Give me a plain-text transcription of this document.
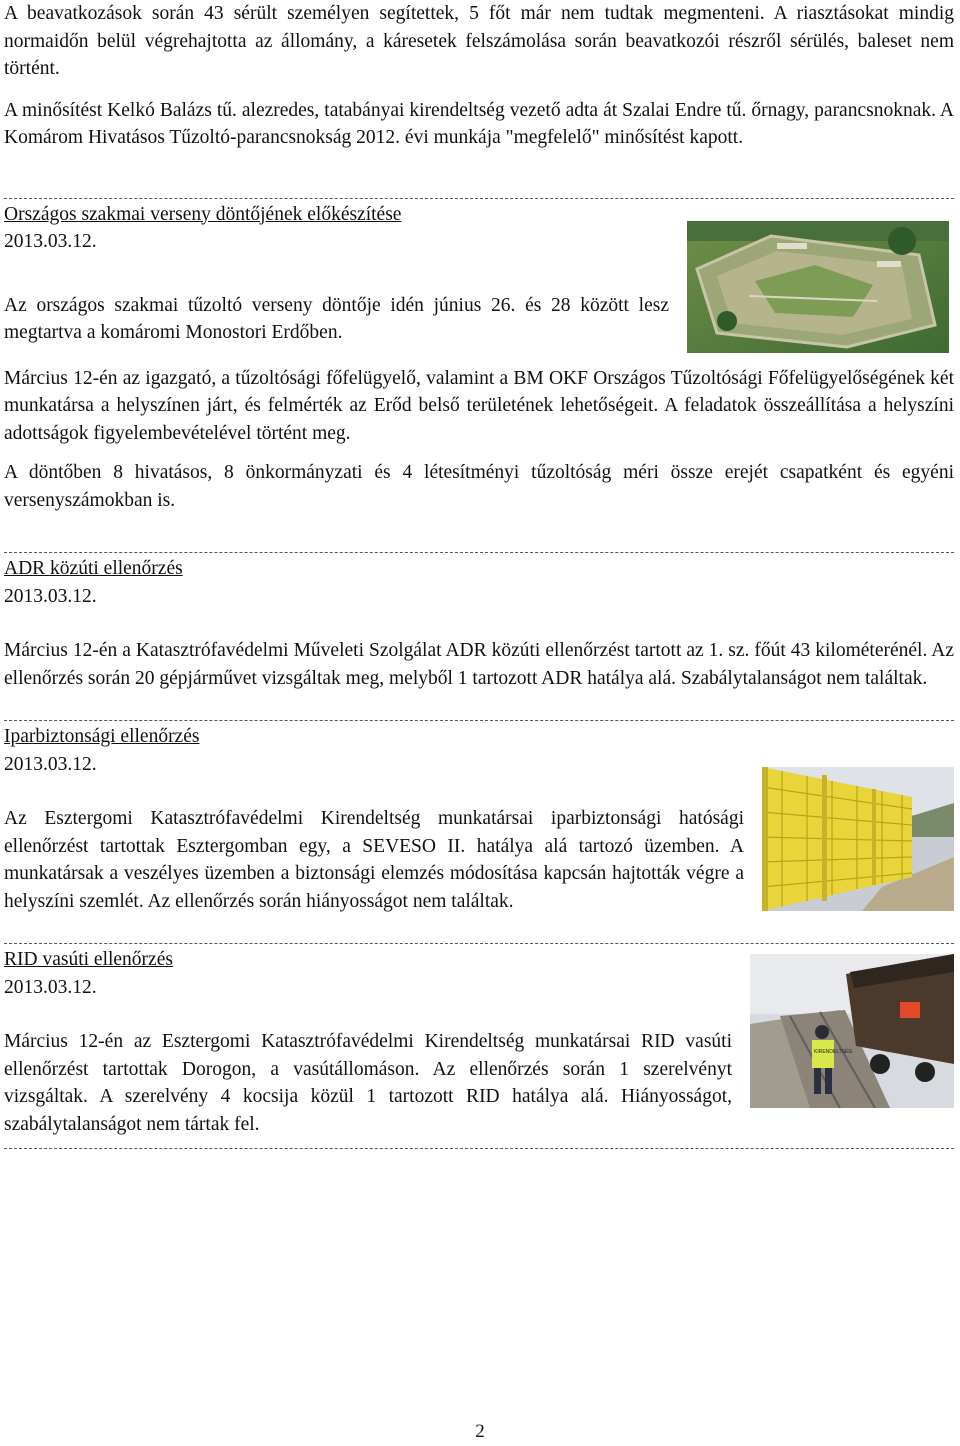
A beavatkozások során 43 sérült személyen segítettek, 5 főt már nem tudtak megmenteni. A riasztásokat mindig normaidőn belül végrehajtotta az állomány, a káresetek felszámolása során beavatkozói részről sérülés, baleset nem történt.

A minősítést Kelkó Balázs tű. alezredes, tatabányai kirendeltség vezető adta át Szalai Endre tű. őrnagy, parancsnoknak. A Komárom Hivatásos Tűzoltó-parancsnokság 2012. évi munkája "megfelelő" minősítést kapott.

Országos szakmai verseny döntőjének előkészítése
2013.03.12.

Az országos szakmai tűzoltó verseny döntője idén június 26. és 28 között lesz megtartva a komáromi Monostori Erdőben.

Március 12-én az igazgató, a tűzoltósági főfelügyelő, valamint a BM OKF Országos Tűzoltósági Főfelügyelőségének két munkatársa a helyszínen járt, és felmérték az Erőd belső területének lehetőségeit. A feladatok összeállítása a helyszíni adottságok figyelembevételével történt meg.

A döntőben 8 hivatásos, 8 önkormányzati és 4 létesítményi tűzoltóság méri össze erejét csapatként és egyéni versenyszámokban is.

ADR közúti ellenőrzés
2013.03.12.

Március 12-én a Katasztrófavédelmi Műveleti Szolgálat ADR közúti ellenőrzést tartott az 1. sz. főút 43 kilométerénél. Az ellenőrzés során 20 gépjárművet vizsgáltak meg, melyből 1 tartozott ADR hatálya alá. Szabálytalanságot nem találtak.

Iparbiztonsági ellenőrzés
2013.03.12.

Az Esztergomi Katasztrófavédelmi Kirendeltség munkatársai iparbiztonsági hatósági ellenőrzést tartottak Esztergomban egy, a SEVESO II. hatálya alá tartozó üzemben. A munkatársak a veszélyes üzemben a biztonsági elemzés módosítása kapcsán hajtották végre a helyszíni szemlét. Az ellenőrzés során hiányosságot nem találtak.

KIRENDELTSÉG
RID vasúti ellenőrzés
2013.03.12.

Március 12-én az Esztergomi Katasztrófavédelmi Kirendeltség munkatársai RID vasúti ellenőrzést tartottak Dorogon, a vasútállomáson. Az ellenőrzés során 1 szerelvényt vizsgáltak. A szerelvény 4 kocsija közül 1 tartozott RID hatálya alá. Hiányosságot, szabálytalanságot nem tártak fel.

2
